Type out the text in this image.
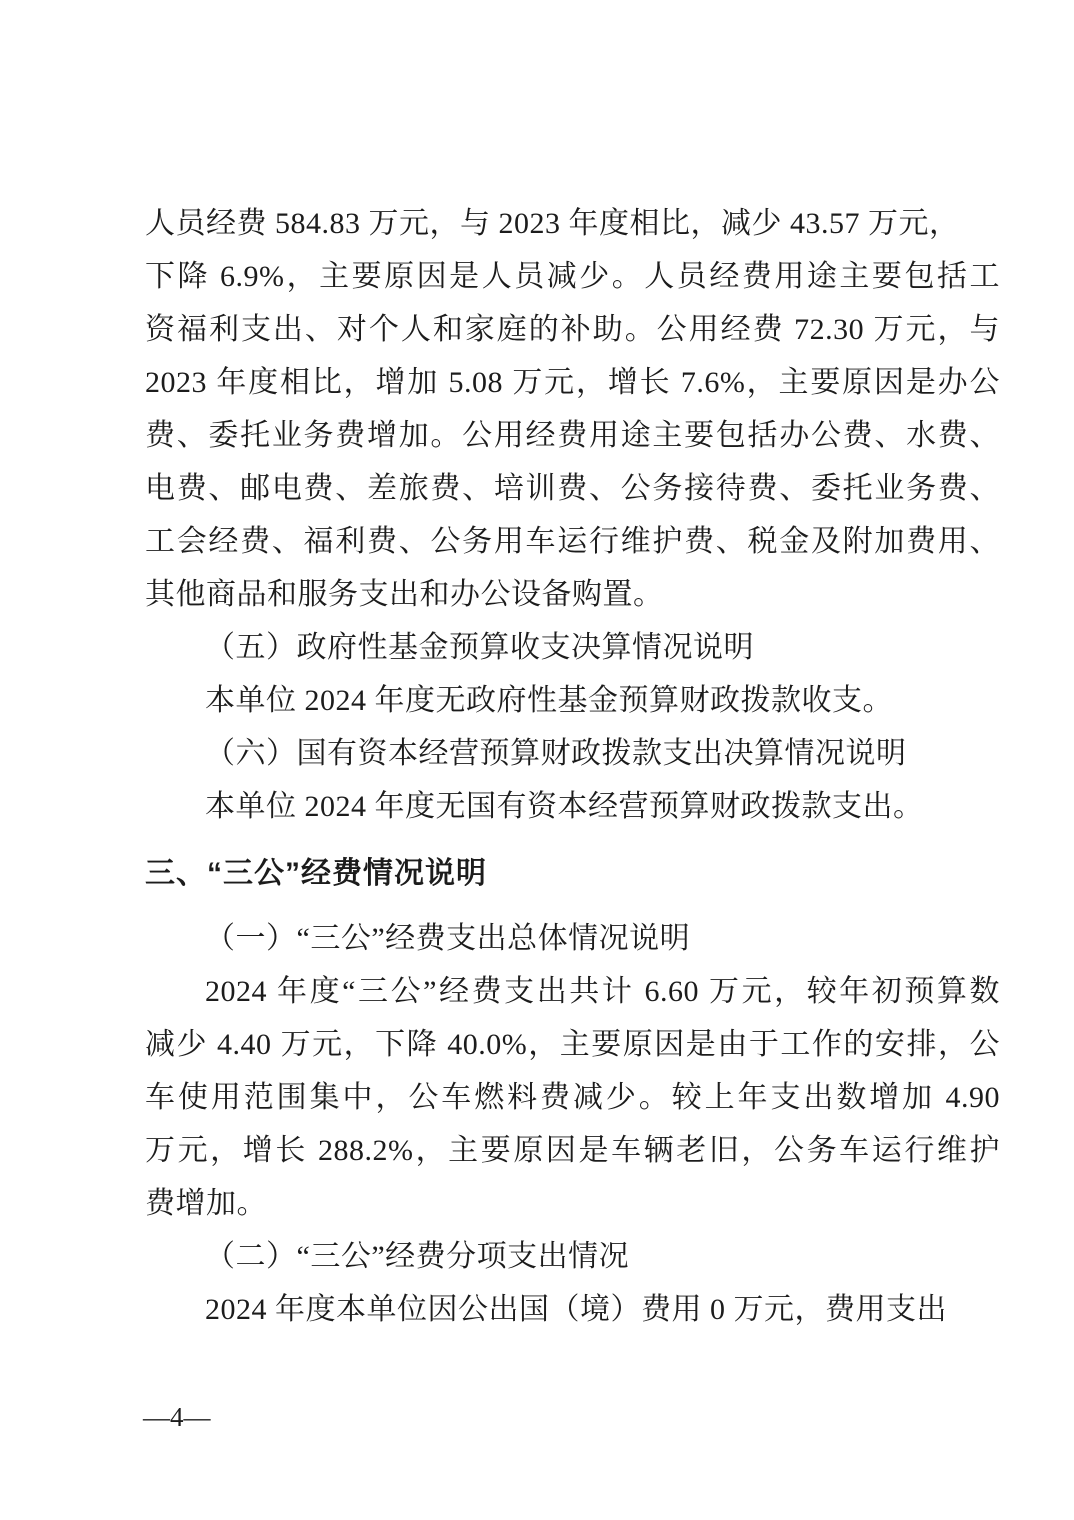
人员经费 584.83 万元，与 2023 年度相比，减少 43.57 万元，
下降 6.9%，主要原因是人员减少。人员经费用途主要包括工
资福利支出、对个人和家庭的补助。公用经费 72.30 万元，与
2023 年度相比，增加 5.08 万元，增长 7.6%，主要原因是办公
费、委托业务费增加。公用经费用途主要包括办公费、水费、
电费、邮电费、差旅费、培训费、公务接待费、委托业务费、
工会经费、福利费、公务用车运行维护费、税金及附加费用、
其他商品和服务支出和办公设备购置。
（五）政府性基金预算收支决算情况说明
本单位 2024 年度无政府性基金预算财政拨款收支。
（六）国有资本经营预算财政拨款支出决算情况说明
本单位 2024 年度无国有资本经营预算财政拨款支出。
三、“三公”经费情况说明
（一）“三公”经费支出总体情况说明
2024 年度“三公”经费支出共计 6.60 万元，较年初预算数
减少 4.40 万元，下降 40.0%，主要原因是由于工作的安排，公
车使用范围集中，公车燃料费减少。较上年支出数增加 4.90
万元，增长 288.2%，主要原因是车辆老旧，公务车运行维护
费增加。
（二）“三公”经费分项支出情况
2024 年度本单位因公出国（境）费用 0 万元，费用支出
—4—
